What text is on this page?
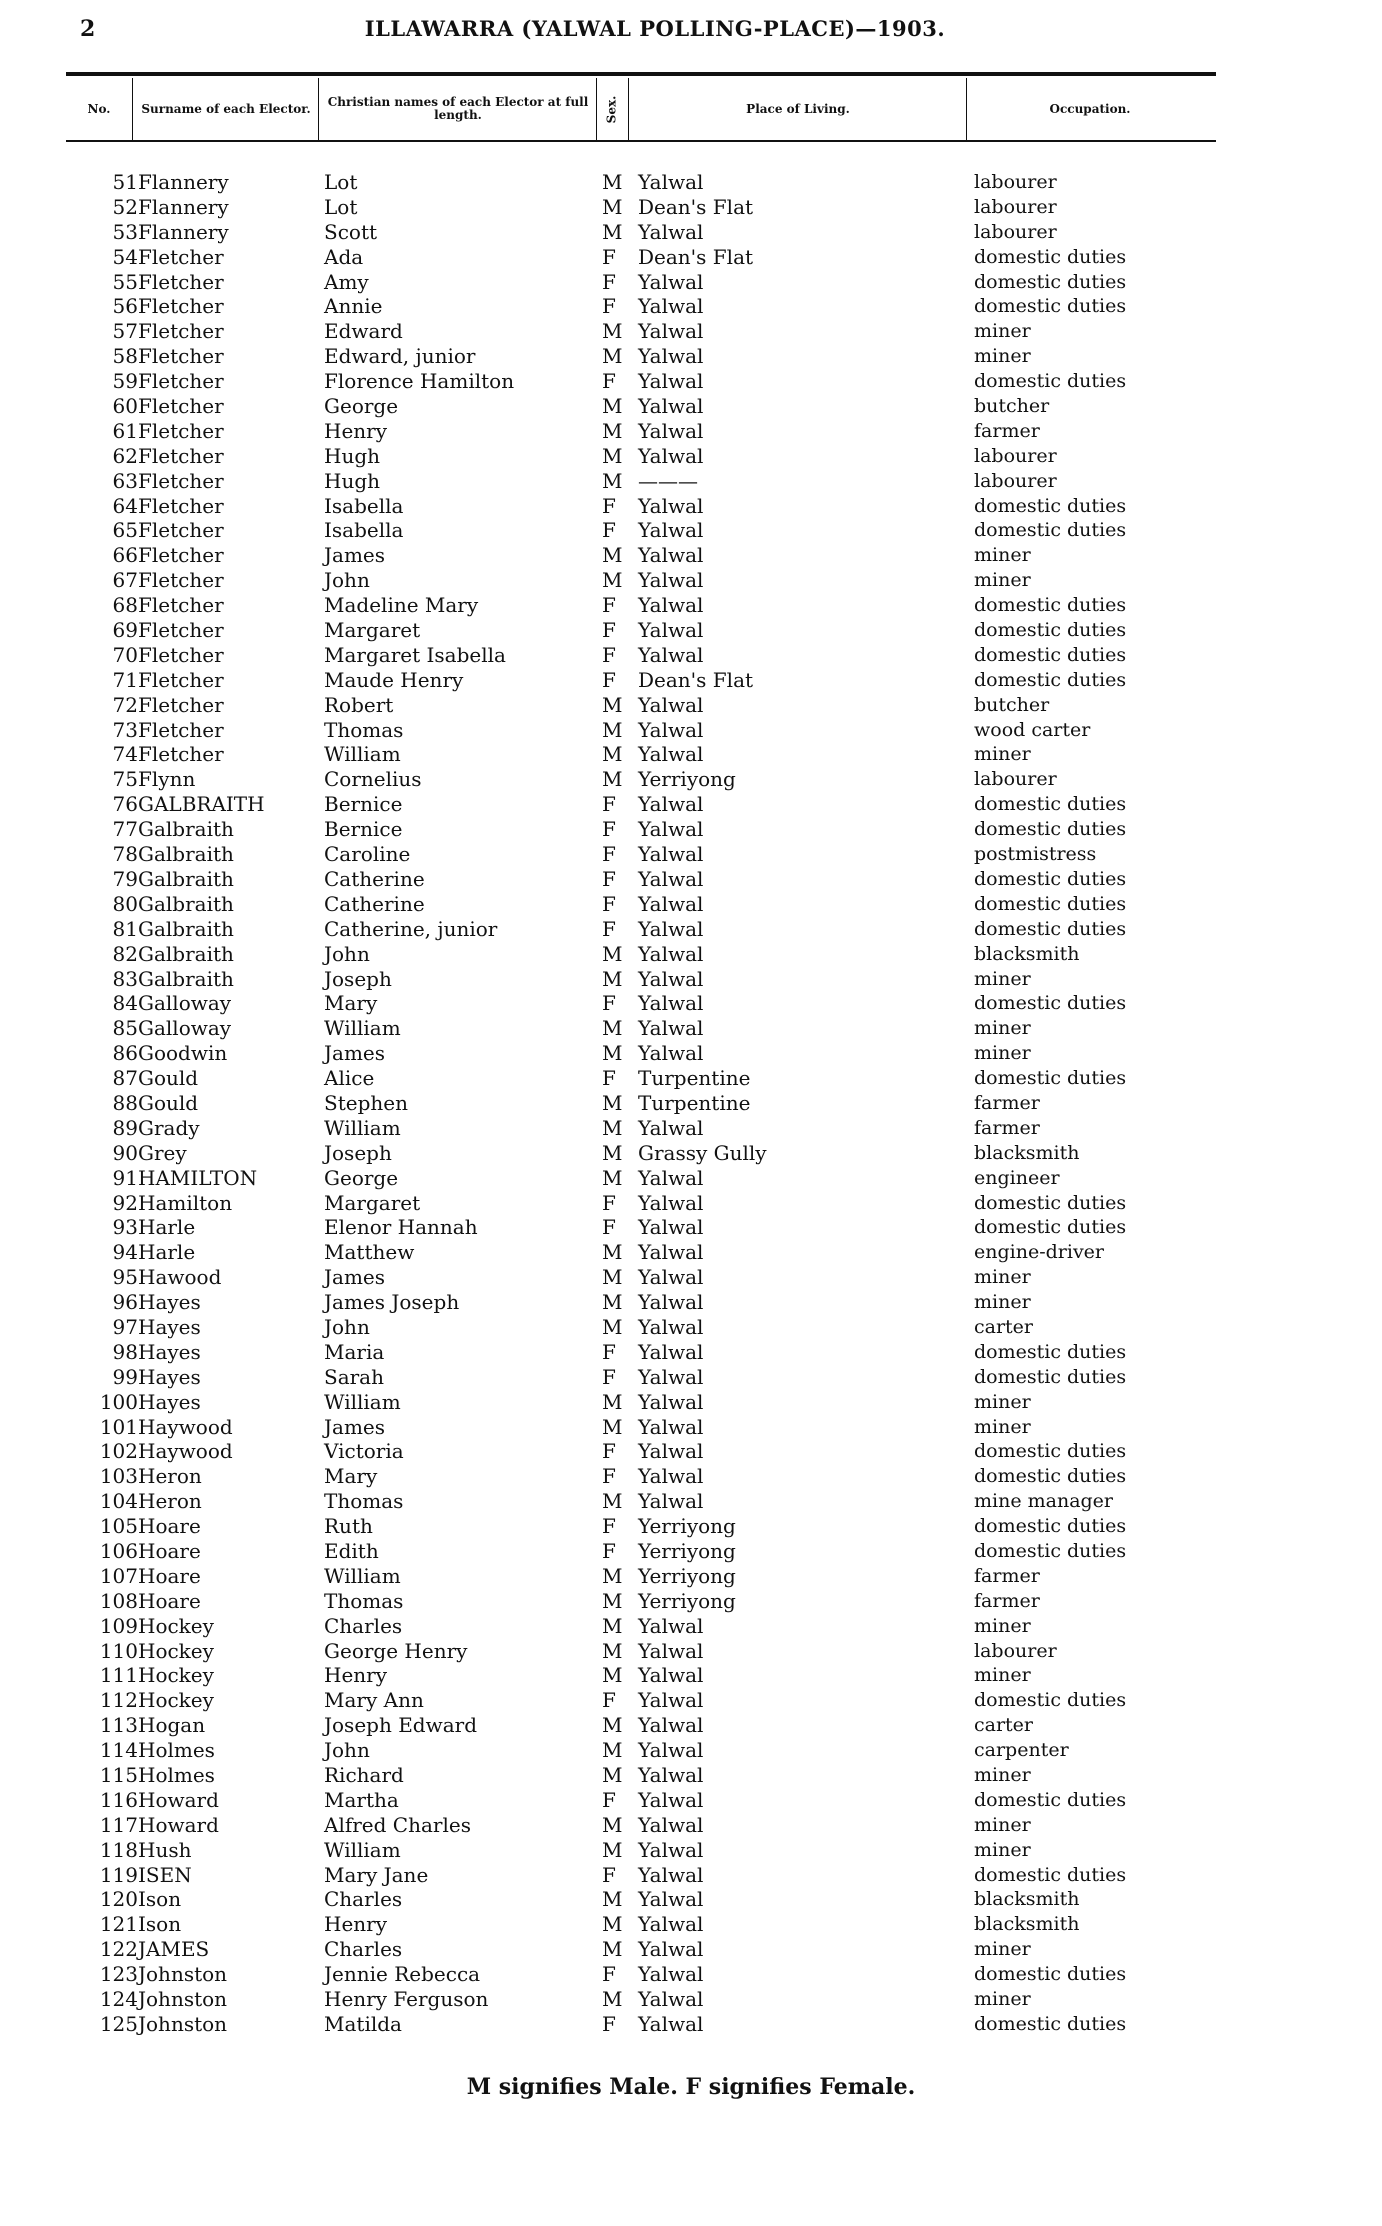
2	ILLAWARRA (YALWAL POLLING-PLACE)—1903.
No.	Surname of each Elector.	Christian names of each Elector at full length.	Sex.	Place of Living.	Occupation.
51 Flannery	Lot	M Yalwal	labourer
52 Flannery	Lot	M Dean's Flat	labourer
53 Flannery	Scott	M Yalwal	labourer
54 Fletcher	Ada	F Dean's Flat	domestic duties
55 Fletcher	Amy	F Yalwal	domestic duties
56 Fletcher	Annie	F Yalwal	domestic duties
57 Fletcher	Edward	M Yalwal	miner
58 Fletcher	Edward, junior	M Yalwal	miner
59 Fletcher	Florence Hamilton	F Yalwal	domestic duties
60 Fletcher	George	M Yalwal	butcher
61 Fletcher	Henry	M Yalwal	farmer
62 Fletcher	Hugh	M Yalwal	labourer
63 Fletcher	Hugh	M ———	labourer
64 Fletcher	Isabella	F Yalwal	domestic duties
65 Fletcher	Isabella	F Yalwal	domestic duties
66 Fletcher	James	M Yalwal	miner
67 Fletcher	John	M Yalwal	miner
68 Fletcher	Madeline Mary	F Yalwal	domestic duties
69 Fletcher	Margaret	F Yalwal	domestic duties
70 Fletcher	Margaret Isabella	F Yalwal	domestic duties
71 Fletcher	Maude Henry	F Dean's Flat	domestic duties
72 Fletcher	Robert	M Yalwal	butcher
73 Fletcher	Thomas	M Yalwal	wood carter
74 Fletcher	William	M Yalwal	miner
75 Flynn	Cornelius	M Yerriyong	labourer
76 GALBRAITH	Bernice	F Yalwal	domestic duties
77 Galbraith	Bernice	F Yalwal	domestic duties
78 Galbraith	Caroline	F Yalwal	postmistress
79 Galbraith	Catherine	F Yalwal	domestic duties
80 Galbraith	Catherine	F Yalwal	domestic duties
81 Galbraith	Catherine, junior	F Yalwal	domestic duties
82 Galbraith	John	M Yalwal	blacksmith
83 Galbraith	Joseph	M Yalwal	miner
84 Galloway	Mary	F Yalwal	domestic duties
85 Galloway	William	M Yalwal	miner
86 Goodwin	James	M Yalwal	miner
87 Gould	Alice	F Turpentine	domestic duties
88 Gould	Stephen	M Turpentine	farmer
89 Grady	William	M Yalwal	farmer
90 Grey	Joseph	M Grassy Gully	blacksmith
91 HAMILTON	George	M Yalwal	engineer
92 Hamilton	Margaret	F Yalwal	domestic duties
93 Harle	Elenor Hannah	F Yalwal	domestic duties
94 Harle	Matthew	M Yalwal	engine-driver
95 Hawood	James	M Yalwal	miner
96 Hayes	James Joseph	M Yalwal	miner
97 Hayes	John	M Yalwal	carter
98 Hayes	Maria	F Yalwal	domestic duties
99 Hayes	Sarah	F Yalwal	domestic duties
100 Hayes	William	M Yalwal	miner
101 Haywood	James	M Yalwal	miner
102 Haywood	Victoria	F Yalwal	domestic duties
103 Heron	Mary	F Yalwal	domestic duties
104 Heron	Thomas	M Yalwal	mine manager
105 Hoare	Ruth	F Yerriyong	domestic duties
106 Hoare	Edith	F Yerriyong	domestic duties
107 Hoare	William	M Yerriyong	farmer
108 Hoare	Thomas	M Yerriyong	farmer
109 Hockey	Charles	M Yalwal	miner
110 Hockey	George Henry	M Yalwal	labourer
111 Hockey	Henry	M Yalwal	miner
112 Hockey	Mary Ann	F Yalwal	domestic duties
113 Hogan	Joseph Edward	M Yalwal	carter
114 Holmes	John	M Yalwal	carpenter
115 Holmes	Richard	M Yalwal	miner
116 Howard	Martha	F Yalwal	domestic duties
117 Howard	Alfred Charles	M Yalwal	miner
118 Hush	William	M Yalwal	miner
119 ISEN	Mary Jane	F Yalwal	domestic duties
120 Ison	Charles	M Yalwal	blacksmith
121 Ison	Henry	M Yalwal	blacksmith
122 JAMES	Charles	M Yalwal	miner
123 Johnston	Jennie Rebecca	F Yalwal	domestic duties
124 Johnston	Henry Ferguson	M Yalwal	miner
125 Johnston	Matilda	F Yalwal	domestic duties
M signifies Male. F signifies Female.
